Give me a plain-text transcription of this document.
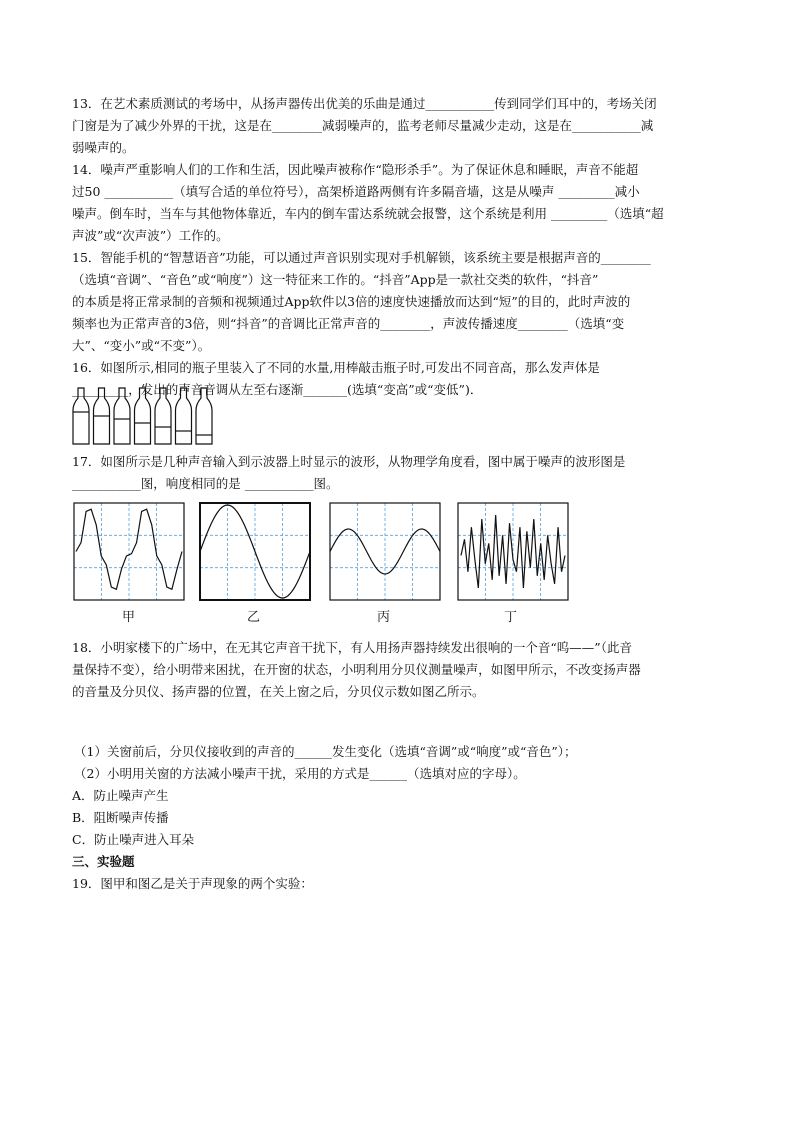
13．在艺术素质测试的考场中，从扬声器传出优美的乐曲是通过___________传到同学们耳中的，考场关闭
门窗是为了减少外界的干扰，这是在________减弱噪声的，监考老师尽量减少走动，这是在___________减
弱噪声的。
14．噪声严重影响人们的工作和生活，因此噪声被称作“隐形杀手”。为了保证休息和睡眠，声音不能超
过50 ___________（填写合适的单位符号），高架桥道路两侧有许多隔音墙，这是从噪声 _________减小
噪声。倒车时，当车与其他物体靠近，车内的倒车雷达系统就会报警，这个系统是利用 _________（选填“超
声波”或“次声波”）工作的。
15．智能手机的“智慧语音”功能，可以通过声音识别实现对手机解锁，该系统主要是根据声音的________
（选填“音调”、“音色”或“响度”）这一特征来工作的。“抖音”App是一款社交类的软件，“抖音”
的本质是将正常录制的音频和视频通过App软件以3倍的速度快速播放而达到“短”的目的，此时声波的
频率也为正常声音的3倍，则“抖音”的音调比正常声音的________，声波传播速度________（选填“变
大”、“变小”或“不变”）。
16．如图所示,相同的瓶子里装入了不同的水量,用棒敲击瓶子时,可发出不同音高，那么发声体是
_________，发出的声音音调从左至右逐渐_______(选填“变高”或“变低”)．
17．如图所示是几种声音输入到示波器上时显示的波形，从物理学角度看，图中属于噪声的波形图是
___________图，响度相同的是 ___________图。
甲	乙	丙	丁
18．小明家楼下的广场中，在无其它声音干扰下，有人用扬声器持续发出很响的一个音“呜——”（此音
量保持不变），给小明带来困扰，在开窗的状态，小明利用分贝仪测量噪声，如图甲所示，不改变扬声器
的音量及分贝仪、扬声器的位置，在关上窗之后，分贝仪示数如图乙所示。
（1）关窗前后，分贝仪接收到的声音的______发生变化（选填“音调”或“响度”或“音色”）；
（2）小明用关窗的方法减小噪声干扰，采用的方式是______（选填对应的字母）。
A．防止噪声产生
B．阻断噪声传播
C．防止噪声进入耳朵
三、实验题
19．图甲和图乙是关于声现象的两个实验：
